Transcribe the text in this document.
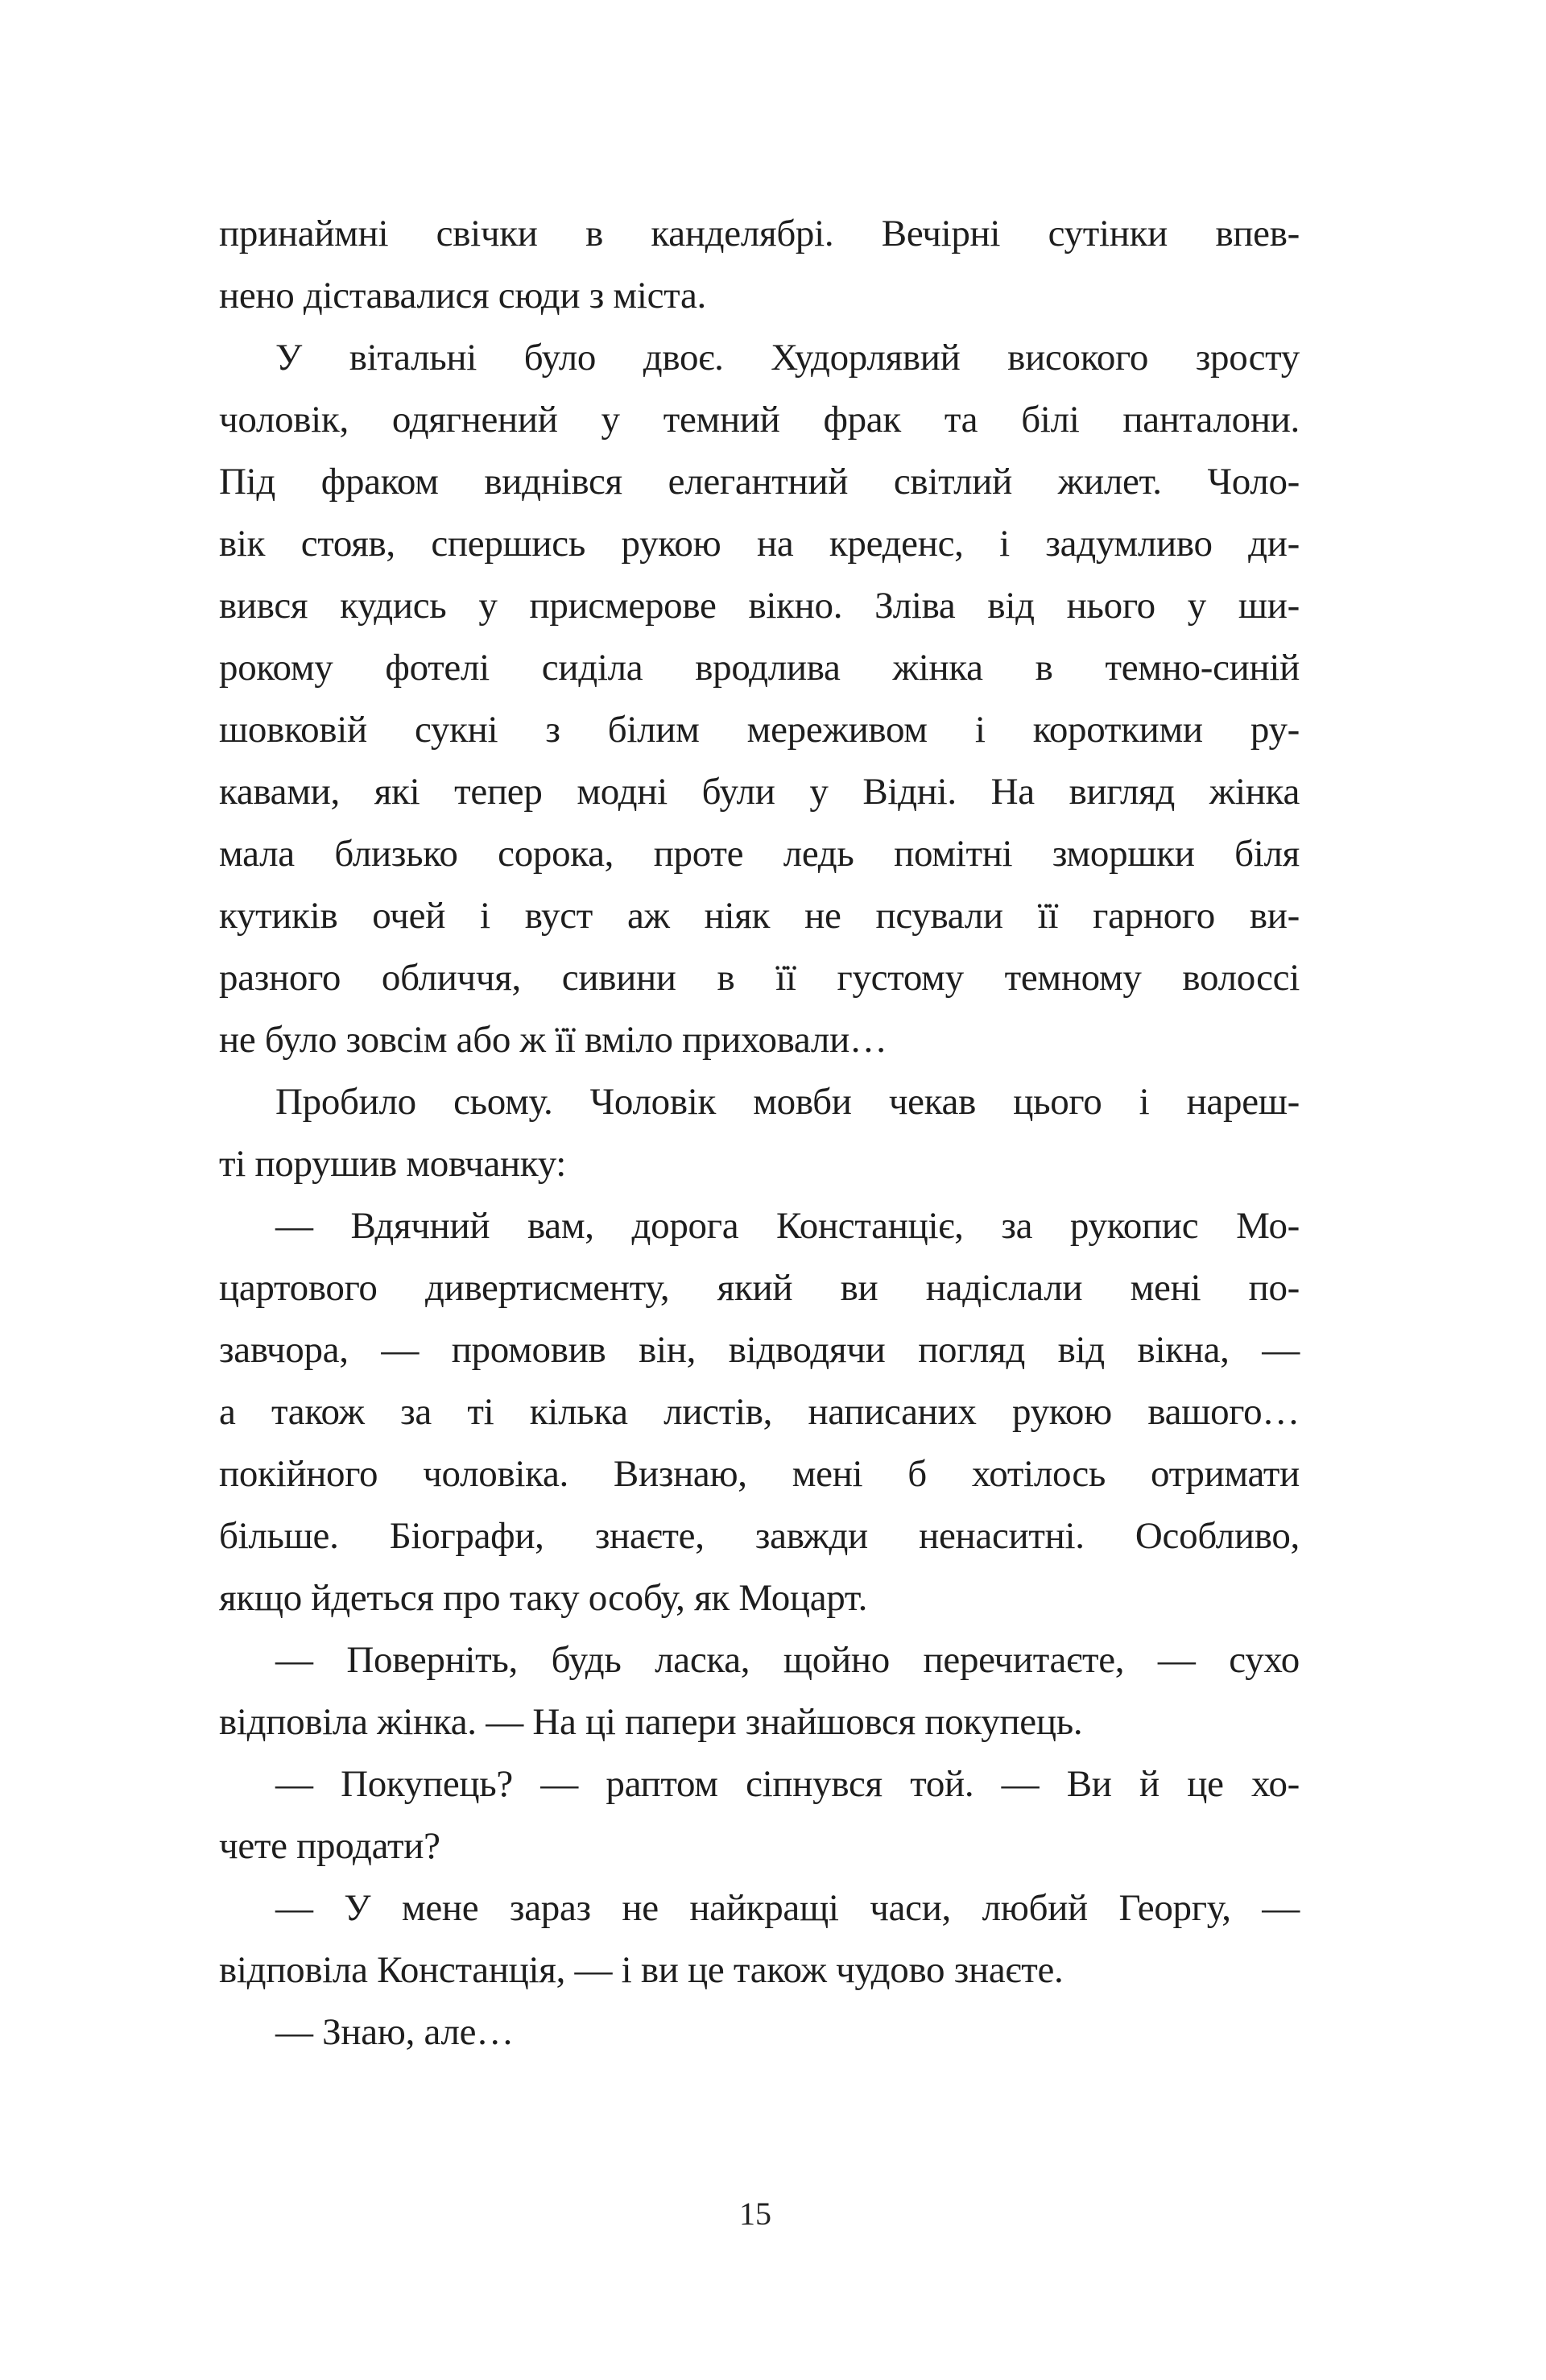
принаймні свічки в канделябрі. Вечірні сутінки впев-
нено діставалися сюди з міста.
У вітальні було двоє. Худорлявий високого зросту
чоловік, одягнений у темний фрак та білі панталони.
Під фраком виднівся елегантний світлий жилет. Чоло-
вік стояв, спершись рукою на креденс, і задумливо ди-
вився кудись у присмерове вікно. Зліва від нього у ши-
рокому фотелі сиділа вродлива жінка в темно-синій
шовковій сукні з білим мереживом і короткими ру-
кавами, які тепер модні були у Відні. На вигляд жінка
мала близько сорока, проте ледь помітні зморшки біля
кутиків очей і вуст аж ніяк не псували її гарного ви-
разного обличчя, сивини в її густому темному волоссі
не було зовсім або ж її вміло приховали…
Пробило сьому. Чоловік мовби чекав цього і нареш-
ті порушив мовчанку:
— Вдячний вам, дорога Констанціє, за рукопис Мо-
цартового дивертисменту, який ви надіслали мені по-
завчора, — промовив він, відводячи погляд від вікна, —
а також за ті кілька листів, написаних рукою вашого…
покійного чоловіка. Визнаю, мені б хотілось отримати
більше. Біографи, знаєте, завжди ненаситні. Особливо,
якщо йдеться про таку особу, як Моцарт.
— Поверніть, будь ласка, щойно перечитаєте, — сухо
відповіла жінка. — На ці папери знайшовся покупець.
— Покупець? — раптом сіпнувся той. — Ви й це хо-
чете продати?
— У мене зараз не найкращі часи, любий Георгу, —
відповіла Констанція, — і ви це також чудово знаєте.
— Знаю, але…
15
